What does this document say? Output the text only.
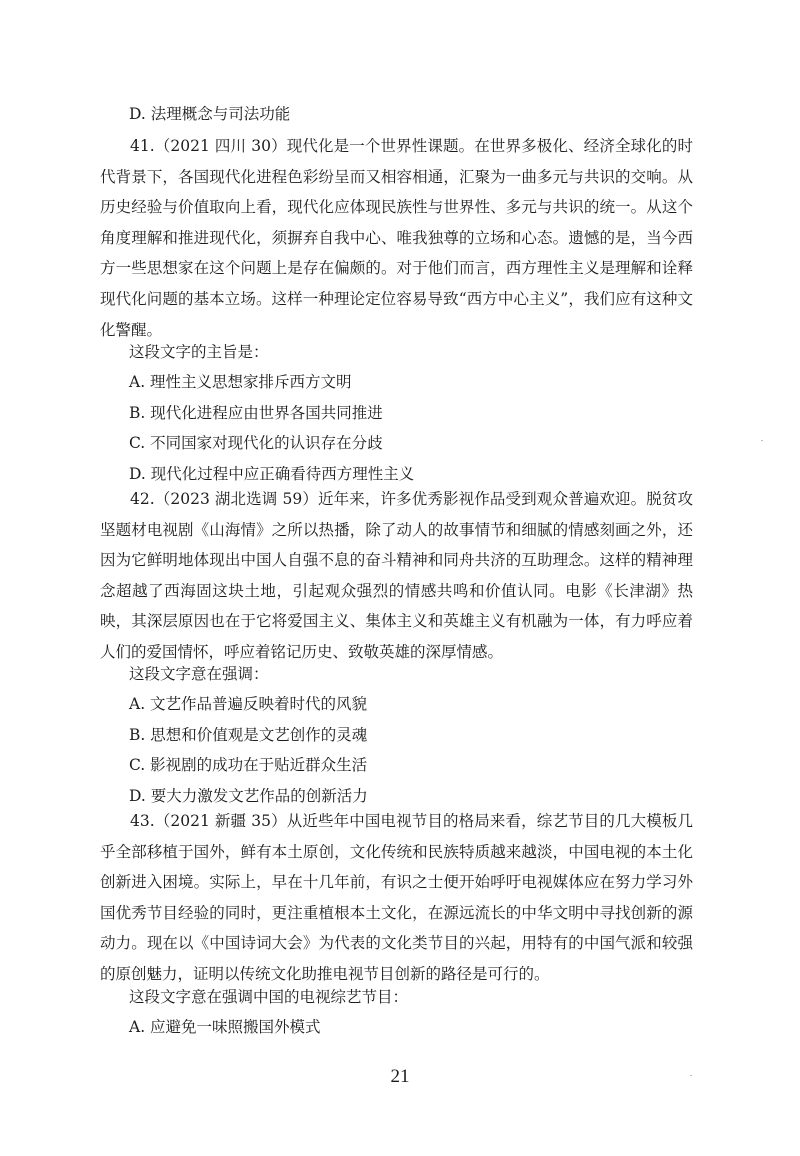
D. 法理概念与司法功能
41.（2021 四川 30）现代化是一个世界性课题。在世界多极化、经济全球化的时代背景下，各国现代化进程色彩纷呈而又相容相通，汇聚为一曲多元与共识的交响。从历史经验与价值取向上看，现代化应体现民族性与世界性、多元与共识的统一。从这个角度理解和推进现代化，须摒弃自我中心、唯我独尊的立场和心态。遗憾的是，当今西方一些思想家在这个问题上是存在偏颇的。对于他们而言，西方理性主义是理解和诠释现代化问题的基本立场。这样一种理论定位容易导致“西方中心主义”，我们应有这种文化警醒。
这段文字的主旨是：
A. 理性主义思想家排斥西方文明
B. 现代化进程应由世界各国共同推进
C. 不同国家对现代化的认识存在分歧
D. 现代化过程中应正确看待西方理性主义
42.（2023 湖北选调 59）近年来，许多优秀影视作品受到观众普遍欢迎。脱贫攻坚题材电视剧《山海情》之所以热播，除了动人的故事情节和细腻的情感刻画之外，还因为它鲜明地体现出中国人自强不息的奋斗精神和同舟共济的互助理念。这样的精神理念超越了西海固这块土地，引起观众强烈的情感共鸣和价值认同。电影《长津湖》热映，其深层原因也在于它将爱国主义、集体主义和英雄主义有机融为一体，有力呼应着人们的爱国情怀，呼应着铭记历史、致敬英雄的深厚情感。
这段文字意在强调：
A. 文艺作品普遍反映着时代的风貌
B. 思想和价值观是文艺创作的灵魂
C. 影视剧的成功在于贴近群众生活
D. 要大力激发文艺作品的创新活力
43.（2021 新疆 35）从近些年中国电视节目的格局来看，综艺节目的几大模板几乎全部移植于国外，鲜有本土原创，文化传统和民族特质越来越淡，中国电视的本土化创新进入困境。实际上，早在十几年前，有识之士便开始呼吁电视媒体应在努力学习外国优秀节目经验的同时，更注重植根本土文化，在源远流长的中华文明中寻找创新的源动力。现在以《中国诗词大会》为代表的文化类节目的兴起，用特有的中国气派和较强的原创魅力，证明以传统文化助推电视节目创新的路径是可行的。
这段文字意在强调中国的电视综艺节目：
A. 应避免一味照搬国外模式
21
